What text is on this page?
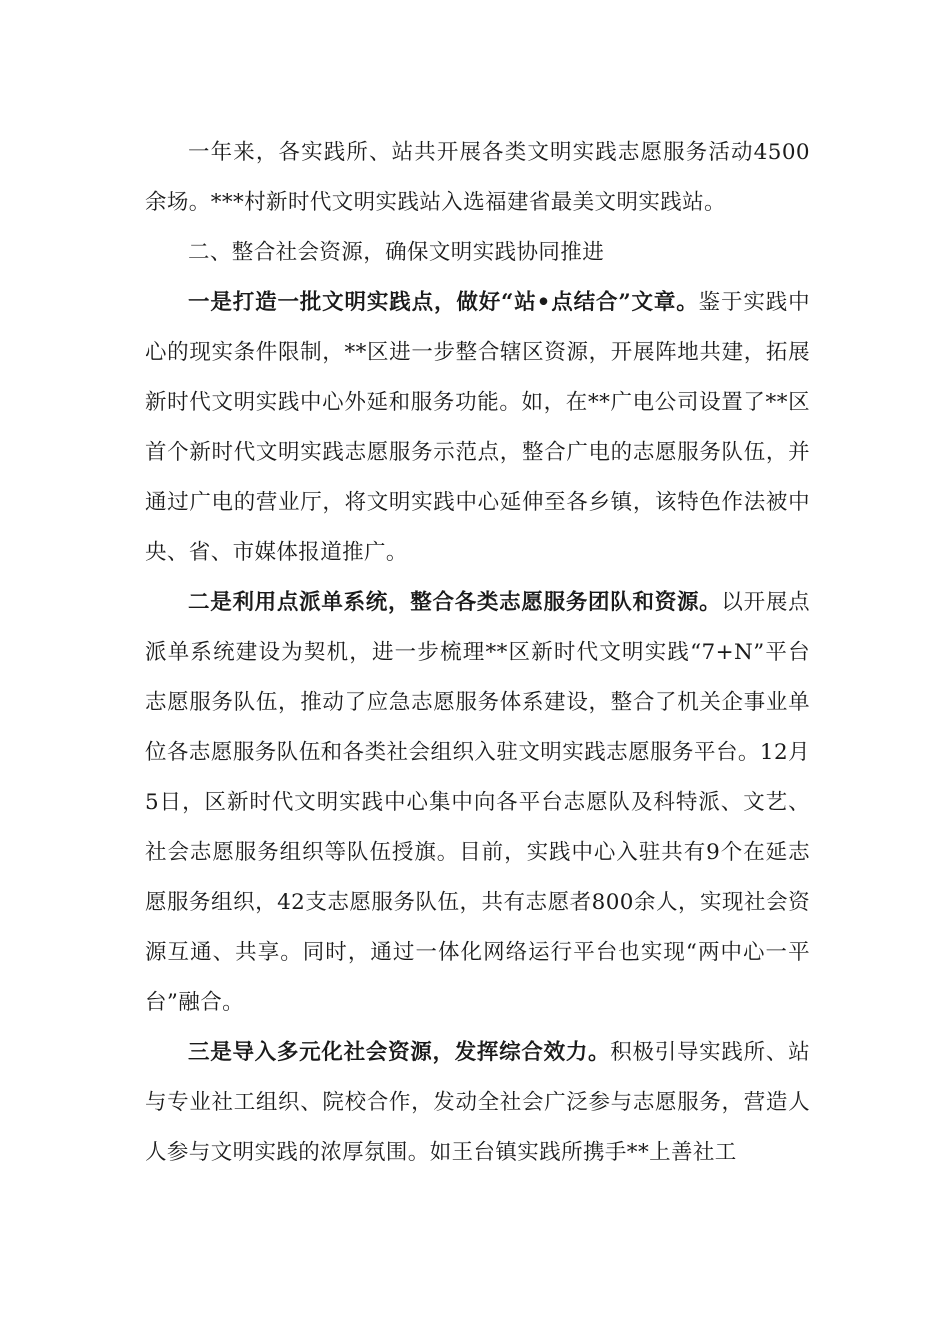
一年来，各实践所、站共开展各类文明实践志愿服务活动4500余场。***村新时代文明实践站入选福建省最美文明实践站。

二、整合社会资源，确保文明实践协同推进

一是打造一批文明实践点，做好“站•点结合”文章。鉴于实践中心的现实条件限制，**区进一步整合辖区资源，开展阵地共建，拓展新时代文明实践中心外延和服务功能。如，在**广电公司设置了**区首个新时代文明实践志愿服务示范点，整合广电的志愿服务队伍，并通过广电的营业厅，将文明实践中心延伸至各乡镇，该特色作法被中央、省、市媒体报道推广。

二是利用点派单系统，整合各类志愿服务团队和资源。以开展点派单系统建设为契机，进一步梳理**区新时代文明实践“7+N”平台志愿服务队伍，推动了应急志愿服务体系建设，整合了机关企事业单位各志愿服务队伍和各类社会组织入驻文明实践志愿服务平台。12月5日，区新时代文明实践中心集中向各平台志愿队及科特派、文艺、社会志愿服务组织等队伍授旗。目前，实践中心入驻共有9个在延志愿服务组织，42支志愿服务队伍，共有志愿者800余人，实现社会资源互通、共享。同时，通过一体化网络运行平台也实现“两中心一平台”融合。

三是导入多元化社会资源，发挥综合效力。积极引导实践所、站与专业社工组织、院校合作，发动全社会广泛参与志愿服务，营造人人参与文明实践的浓厚氛围。如王台镇实践所携手**上善社工
